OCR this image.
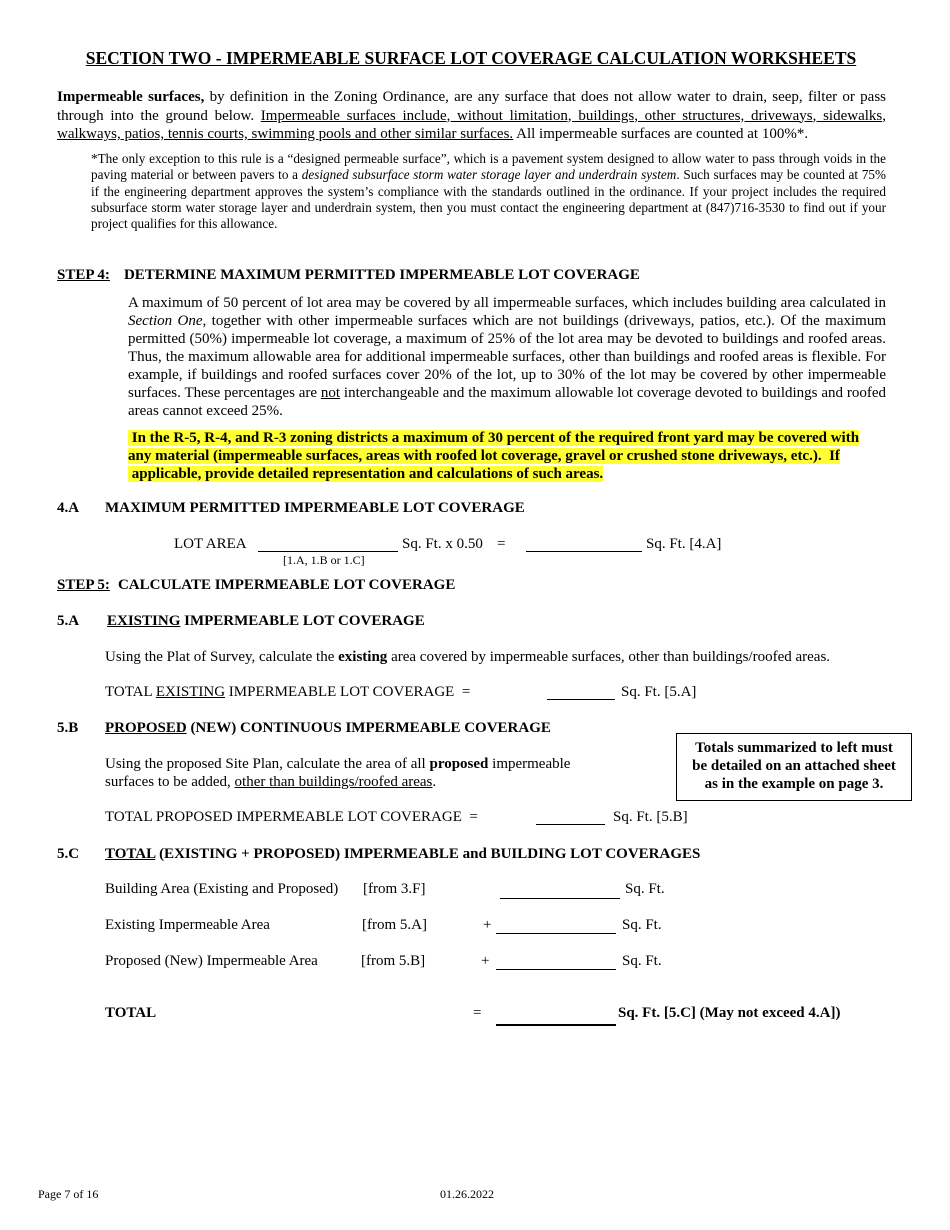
SECTION TWO - IMPERMEABLE SURFACE LOT COVERAGE CALCULATION WORKSHEETS
Impermeable surfaces, by definition in the Zoning Ordinance, are any surface that does not allow water to drain, seep, filter or pass through into the ground below. Impermeable surfaces include, without limitation, buildings, other structures, driveways, sidewalks, walkways, patios, tennis courts, swimming pools and other similar surfaces. All impermeable surfaces are counted at 100%*.
*The only exception to this rule is a “designed permeable surface”, which is a pavement system designed to allow water to pass through voids in the paving material or between pavers to a designed subsurface storm water storage layer and underdrain system. Such surfaces may be counted at 75% if the engineering department approves the system’s compliance with the standards outlined in the ordinance. If your project includes the required subsurface storm water storage layer and underdrain system, then you must contact the engineering department at (847)716-3530 to find out if your project qualifies for this allowance.
STEP 4: DETERMINE MAXIMUM PERMITTED IMPERMEABLE LOT COVERAGE
A maximum of 50 percent of lot area may be covered by all impermeable surfaces, which includes building area calculated in Section One, together with other impermeable surfaces which are not buildings (driveways, patios, etc.). Of the maximum permitted (50%) impermeable lot coverage, a maximum of 25% of the lot area may be devoted to buildings and roofed areas. Thus, the maximum allowable area for additional impermeable surfaces, other than buildings and roofed areas is flexible. For example, if buildings and roofed surfaces cover 20% of the lot, up to 30% of the lot may be covered by other impermeable surfaces. These percentages are not interchangeable and the maximum allowable lot coverage devoted to buildings and roofed areas cannot exceed 25%.
In the R-5, R-4, and R-3 zoning districts a maximum of 30 percent of the required front yard may be covered with
any material (impermeable surfaces, areas with roofed lot coverage, gravel or crushed stone driveways, etc.).  If
applicable, provide detailed representation and calculations of such areas.
4.A MAXIMUM PERMITTED IMPERMEABLE LOT COVERAGE
LOT AREA	Sq. Ft. x 0.50 =	Sq. Ft. [4.A]
[1.A, 1.B or 1.C]
STEP 5: CALCULATE IMPERMEABLE LOT COVERAGE
5.A EXISTING IMPERMEABLE LOT COVERAGE
Using the Plat of Survey, calculate the existing area covered by impermeable surfaces, other than buildings/roofed areas.
TOTAL EXISTING IMPERMEABLE LOT COVERAGE  =	Sq. Ft. [5.A]
5.B PROPOSED (NEW) CONTINUOUS IMPERMEABLE COVERAGE
Using the proposed Site Plan, calculate the area of all proposed impermeable
surfaces to be added, other than buildings/roofed areas.
Totals summarized to left must
be detailed on an attached sheet
as in the example on page 3.
TOTAL PROPOSED IMPERMEABLE LOT COVERAGE  =	Sq. Ft. [5.B]
5.C TOTAL (EXISTING + PROPOSED) IMPERMEABLE and BUILDING LOT COVERAGES
Building Area (Existing and Proposed) [from 3.F]	Sq. Ft.
Existing Impermeable Area	[from 5.A]	+	Sq. Ft.
Proposed (New) Impermeable Area	[from 5.B]	+	Sq. Ft.
TOTAL	=	Sq. Ft. [5.C] (May not exceed 4.A])
Page 7 of 16	01.26.2022
